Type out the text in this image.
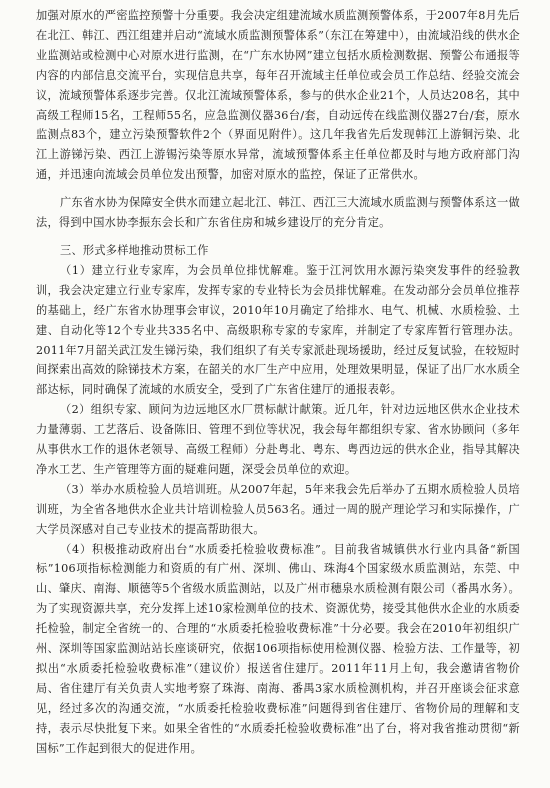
加强对原水的严密监控预警十分重要。我会决定组建流域水质监测预警体系，于2007年8月先后在北江、韩江、西江组建并启动“流域水质监测预警体系”（东江在筹建中），由流域沿线的供水企业监测站或检测中心对原水进行监测，在“广东水协网”建立包括水质检测数据、预警公布通报等内容的内部信息交流平台，实现信息共享，每年召开流域主任单位或会员工作总结、经验交流会议，流域预警体系逐步完善。仅北江流域预警体系，参与的供水企业21个，人员达208名，其中高级工程师15名，工程师55名，应急监测仪器36台/套，自动远传在线监测仪器27台/套，原水监测点83个，建立污染预警软件2个（界面见附件）。这几年我省先后发现韩江上游铜污染、北江上游锑污染、西江上游锡污染等原水异常，流域预警体系主任单位都及时与地方政府部门沟通，并迅速向流域会员单位发出预警，加密对原水的监控，保证了正常供水。

广东省水协为保障安全供水而建立起北江、韩江、西江三大流域水质监测与预警体系这一做法，得到中国水协李振东会长和广东省住房和城乡建设厅的充分肯定。

三、形式多样地推动贯标工作

（1）建立行业专家库，为会员单位排忧解难。鉴于江河饮用水源污染突发事件的经验教训，我会决定建立行业专家库，发挥专家的专业特长为会员排忧解难。在发动部分会员单位推荐的基础上，经广东省水协理事会审议，2010年10月确定了给排水、电气、机械、水质检验、土建、自动化等12个专业共335名中、高级职称专家的专家库，并制定了专家库暂行管理办法。2011年7月韶关武江发生锑污染，我们组织了有关专家派赴现场援助，经过反复试验，在较短时间探索出高效的除锑技术方案，在韶关的水厂生产中应用，处理效果明显，保证了出厂水水质全部达标，同时确保了流域的水质安全，受到了广东省住建厅的通报表彰。

（2）组织专家、顾问为边远地区水厂贯标献计献策。近几年，针对边远地区供水企业技术力量薄弱、工艺落后、设备陈旧、管理不到位等状况，我会每年都组织专家、省水协顾问（多年从事供水工作的退休老领导、高级工程师）分赴粤北、粤东、粤西边远的供水企业，指导其解决净水工艺、生产管理等方面的疑难问题，深受会员单位的欢迎。

（3）举办水质检验人员培训班。从2007年起，5年来我会先后举办了五期水质检验人员培训班，为全省各地供水企业共计培训检验人员563名。通过一周的脱产理论学习和实际操作，广大学员深感对自己专业技术的提高帮助很大。

（4）积极推动政府出台“水质委托检验收费标准”。目前我省城镇供水行业内具备“新国标”106项指标检测能力和资质的有广州、深圳、佛山、珠海4个国家级水质监测站，东莞、中山、肇庆、南海、顺德等5个省级水质监测站，以及广州市穗泉水质检测有限公司（番禺水务）。为了实现资源共享，充分发挥上述10家检测单位的技术、资源优势，接受其他供水企业的水质委托检验，制定全省统一的、合理的“水质委托检验收费标准”十分必要。我会在2010年初组织广州、深圳等国家监测站站长座谈研究，依据106项指标使用检测仪器、检验方法、工作量等，初拟出“水质委托检验收费标准”（建议价）报送省住建厅。2011年11月上旬，我会邀请省物价局、省住建厅有关负责人实地考察了珠海、南海、番禺3家水质检测机构，并召开座谈会征求意见，经过多次的沟通交流，“水质委托检验收费标准”问题得到省住建厅、省物价局的理解和支持，表示尽快批复下来。如果全省性的“水质委托检验收费标准”出了台，将对我省推动贯彻“新国标”工作起到很大的促进作用。
